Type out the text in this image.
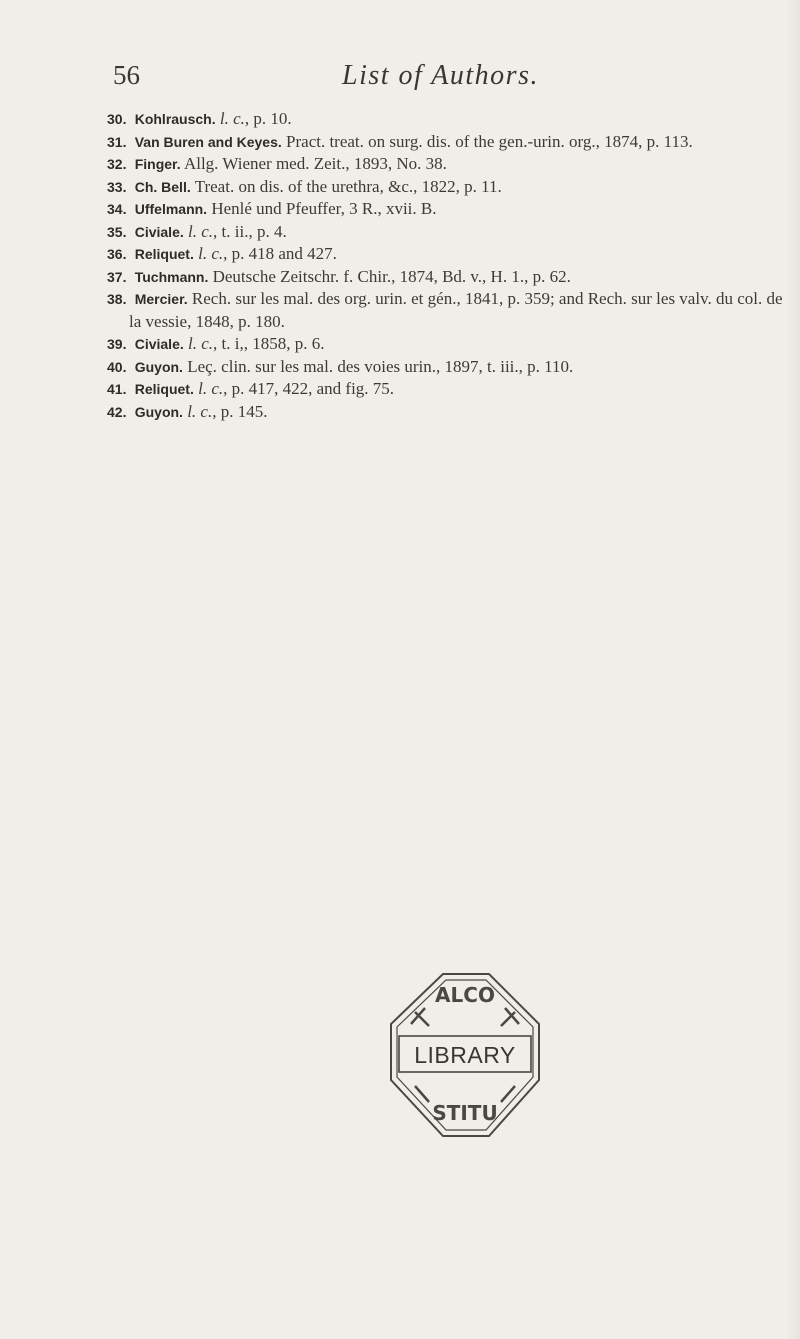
56	List of Authors.
30. Kohlrausch. l. c., p. 10.
31. Van Buren and Keyes. Pract. treat. on surg. dis. of the gen.-urin. org., 1874, p. 113.
32. Finger. Allg. Wiener med. Zeit., 1893, No. 38.
33. Ch. Bell. Treat. on dis. of the urethra, &c., 1822, p. 11.
34. Uffelmann. Henlé und Pfeuffer, 3 R., xvii. B.
35. Civiale. l. c., t. ii., p. 4.
36. Reliquet. l. c., p. 418 and 427.
37. Tuchmann. Deutsche Zeitschr. f. Chir., 1874, Bd. v., H. 1., p. 62.
38. Mercier. Rech. sur les mal. des org. urin. et gén., 1841, p. 359; and Rech. sur les valv. du col. de la vessie, 1848, p. 180.
39. Civiale. l. c., t. i,, 1858, p. 6.
40. Guyon. Leç. clin. sur les mal. des voies urin., 1897, t. iii., p. 110.
41. Reliquet. l. c., p. 417, 422, and fig. 75.
42. Guyon. l. c., p. 145.
ALCO
LIBRARY
STITU
